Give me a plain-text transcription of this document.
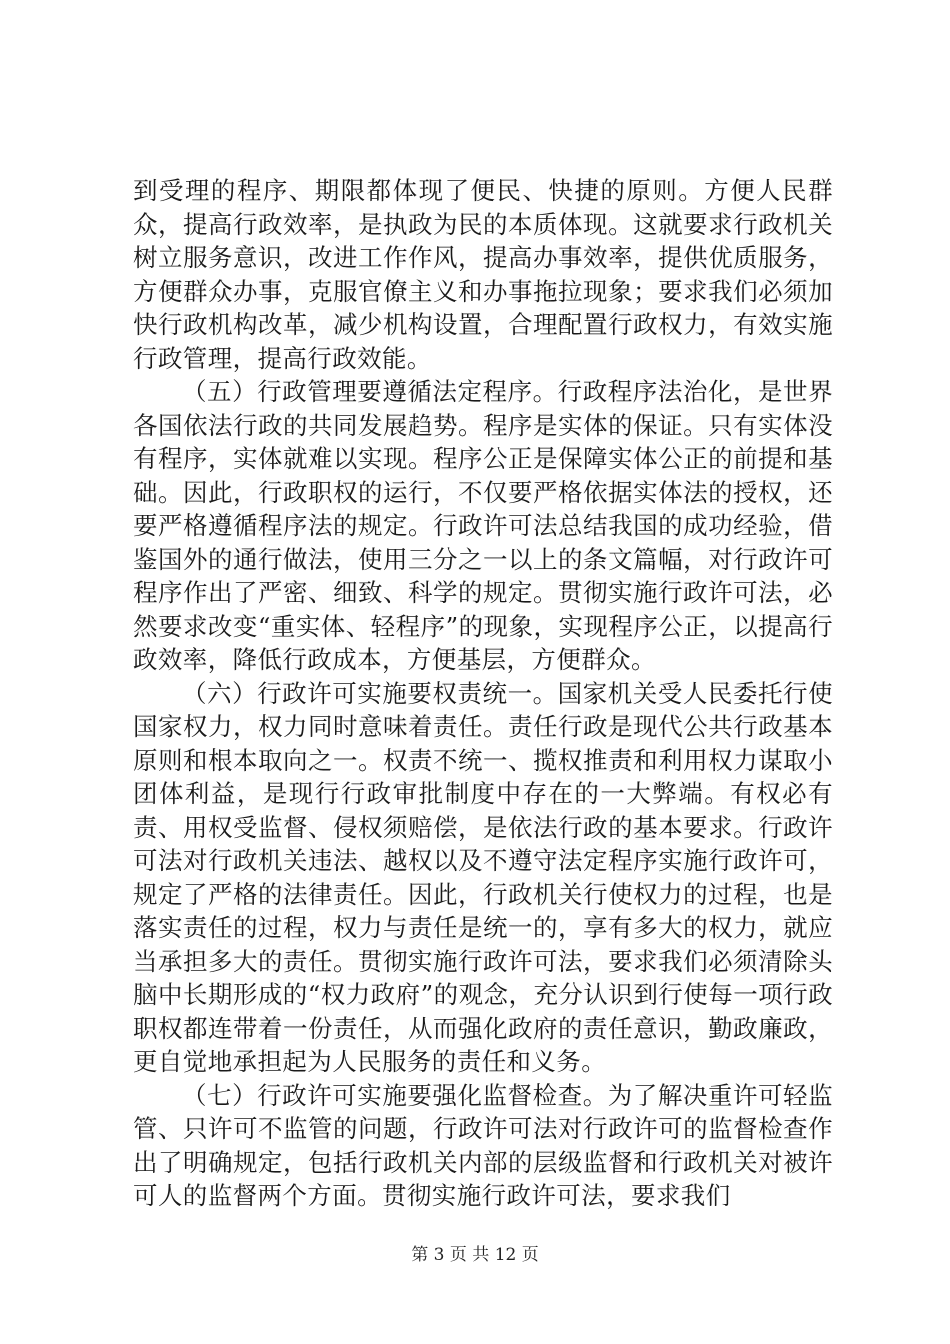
到受理的程序、期限都体现了便民、快捷的原则。方便人民群众，提高行政效率，是执政为民的本质体现。这就要求行政机关树立服务意识，改进工作作风，提高办事效率，提供优质服务，方便群众办事，克服官僚主义和办事拖拉现象；要求我们必须加快行政机构改革，减少机构设置，合理配置行政权力，有效实施行政管理，提高行政效能。

（五）行政管理要遵循法定程序。行政程序法治化，是世界各国依法行政的共同发展趋势。程序是实体的保证。只有实体没有程序，实体就难以实现。程序公正是保障实体公正的前提和基础。因此，行政职权的运行，不仅要严格依据实体法的授权，还要严格遵循程序法的规定。行政许可法总结我国的成功经验，借鉴国外的通行做法，使用三分之一以上的条文篇幅，对行政许可程序作出了严密、细致、科学的规定。贯彻实施行政许可法，必然要求改变“重实体、轻程序”的现象，实现程序公正，以提高行政效率，降低行政成本，方便基层，方便群众。

（六）行政许可实施要权责统一。国家机关受人民委托行使国家权力，权力同时意味着责任。责任行政是现代公共行政基本原则和根本取向之一。权责不统一、揽权推责和利用权力谋取小团体利益，是现行行政审批制度中存在的一大弊端。有权必有责、用权受监督、侵权须赔偿，是依法行政的基本要求。行政许可法对行政机关违法、越权以及不遵守法定程序实施行政许可，规定了严格的法律责任。因此，行政机关行使权力的过程，也是落实责任的过程，权力与责任是统一的，享有多大的权力，就应当承担多大的责任。贯彻实施行政许可法，要求我们必须清除头脑中长期形成的“权力政府”的观念，充分认识到行使每一项行政职权都连带着一份责任，从而强化政府的责任意识，勤政廉政，更自觉地承担起为人民服务的责任和义务。

（七）行政许可实施要强化监督检查。为了解决重许可轻监管、只许可不监管的问题，行政许可法对行政许可的监督检查作出了明确规定，包括行政机关内部的层级监督和行政机关对被许可人的监督两个方面。贯彻实施行政许可法，要求我们

第 3 页 共 12 页
